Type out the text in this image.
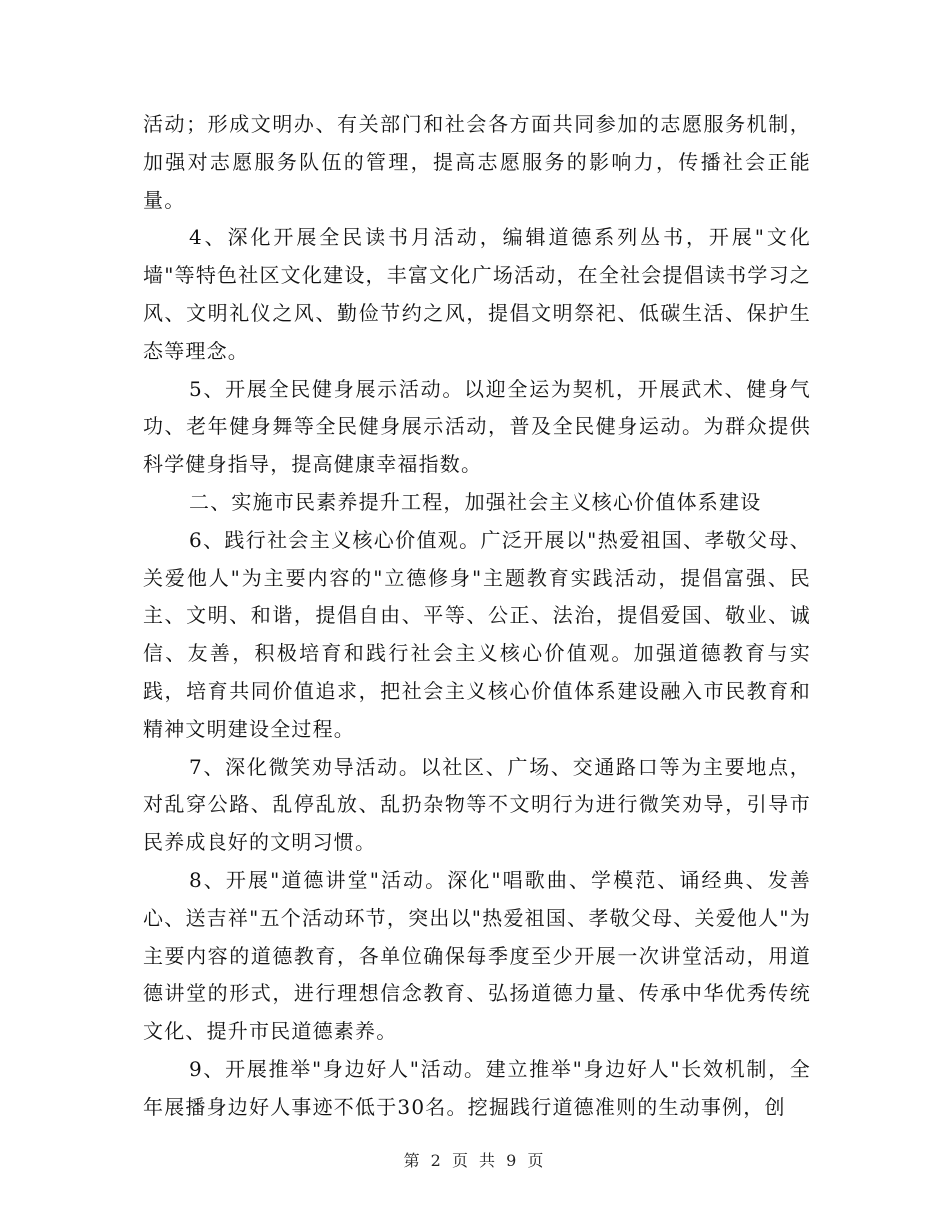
活动；形成文明办、有关部门和社会各方面共同参加的志愿服务机制，加强对志愿服务队伍的管理，提高志愿服务的影响力，传播社会正能量。

4、深化开展全民读书月活动，编辑道德系列丛书，开展"文化墙"等特色社区文化建设，丰富文化广场活动，在全社会提倡读书学习之风、文明礼仪之风、勤俭节约之风，提倡文明祭祀、低碳生活、保护生态等理念。

5、开展全民健身展示活动。以迎全运为契机，开展武术、健身气功、老年健身舞等全民健身展示活动，普及全民健身运动。为群众提供科学健身指导，提高健康幸福指数。

二、实施市民素养提升工程，加强社会主义核心价值体系建设

6、践行社会主义核心价值观。广泛开展以"热爱祖国、孝敬父母、关爱他人"为主要内容的"立德修身"主题教育实践活动，提倡富强、民主、文明、和谐，提倡自由、平等、公正、法治，提倡爱国、敬业、诚信、友善，积极培育和践行社会主义核心价值观。加强道德教育与实践，培育共同价值追求，把社会主义核心价值体系建设融入市民教育和精神文明建设全过程。

7、深化微笑劝导活动。以社区、广场、交通路口等为主要地点，对乱穿公路、乱停乱放、乱扔杂物等不文明行为进行微笑劝导，引导市民养成良好的文明习惯。

8、开展"道德讲堂"活动。深化"唱歌曲、学模范、诵经典、发善心、送吉祥"五个活动环节，突出以"热爱祖国、孝敬父母、关爱他人"为主要内容的道德教育，各单位确保每季度至少开展一次讲堂活动，用道德讲堂的形式，进行理想信念教育、弘扬道德力量、传承中华优秀传统文化、提升市民道德素养。

9、开展推举"身边好人"活动。建立推举"身边好人"长效机制，全年展播身边好人事迹不低于30名。挖掘践行道德准则的生动事例，创

第 2 页 共 9 页
